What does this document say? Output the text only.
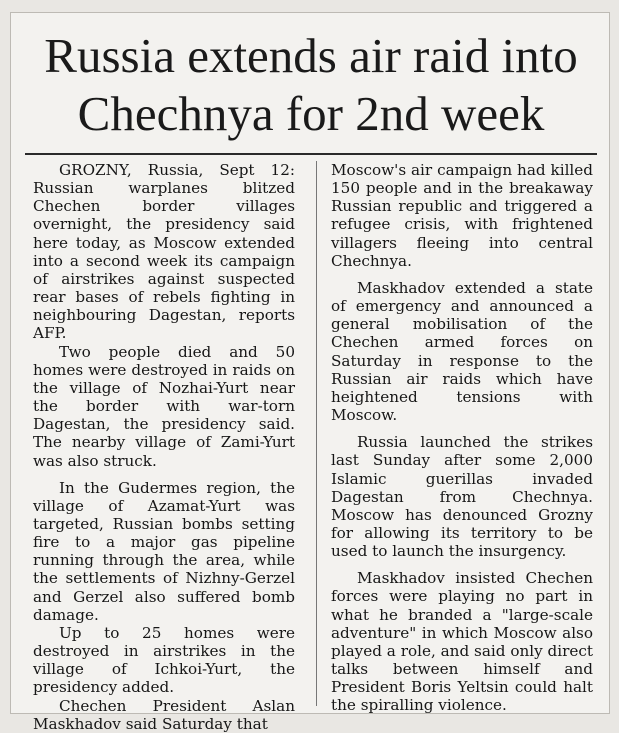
Russia extends air raid into Chechnya for 2nd week

GROZNY, Russia, Sept 12: Russian warplanes blitzed Chechen border villages overnight, the presidency said here today, as Moscow extended into a second week its campaign of airstrikes against suspected rear bases of rebels fighting in neighbouring Dagestan, reports AFP.

Two people died and 50 homes were destroyed in raids on the village of Nozhai-Yurt near the border with war-torn Dagestan, the presidency said. The nearby village of Zami-Yurt was also struck.

In the Gudermes region, the village of Azamat-Yurt was targeted, Russian bombs setting fire to a major gas pipeline running through the area, while the settlements of Nizhny-Gerzel and Gerzel also suffered bomb damage.

Up to 25 homes were destroyed in airstrikes in the village of Ichkoi-Yurt, the presidency added.

Chechen President Aslan Maskhadov said Saturday that

Moscow's air campaign had killed 150 people and in the breakaway Russian republic and triggered a refugee crisis, with frightened villagers fleeing into central Chechnya.

Maskhadov extended a state of emergency and announced a general mobilisation of the Chechen armed forces on Saturday in response to the Russian air raids which have heightened tensions with Moscow.

Russia launched the strikes last Sunday after some 2,000 Islamic guerillas invaded Dagestan from Chechnya. Moscow has denounced Grozny for allowing its territory to be used to launch the insurgency.

Maskhadov insisted Chechen forces were playing no part in what he branded a "large-scale adventure" in which Moscow also played a role, and said only direct talks between himself and President Boris Yeltsin could halt the spiralling violence.
